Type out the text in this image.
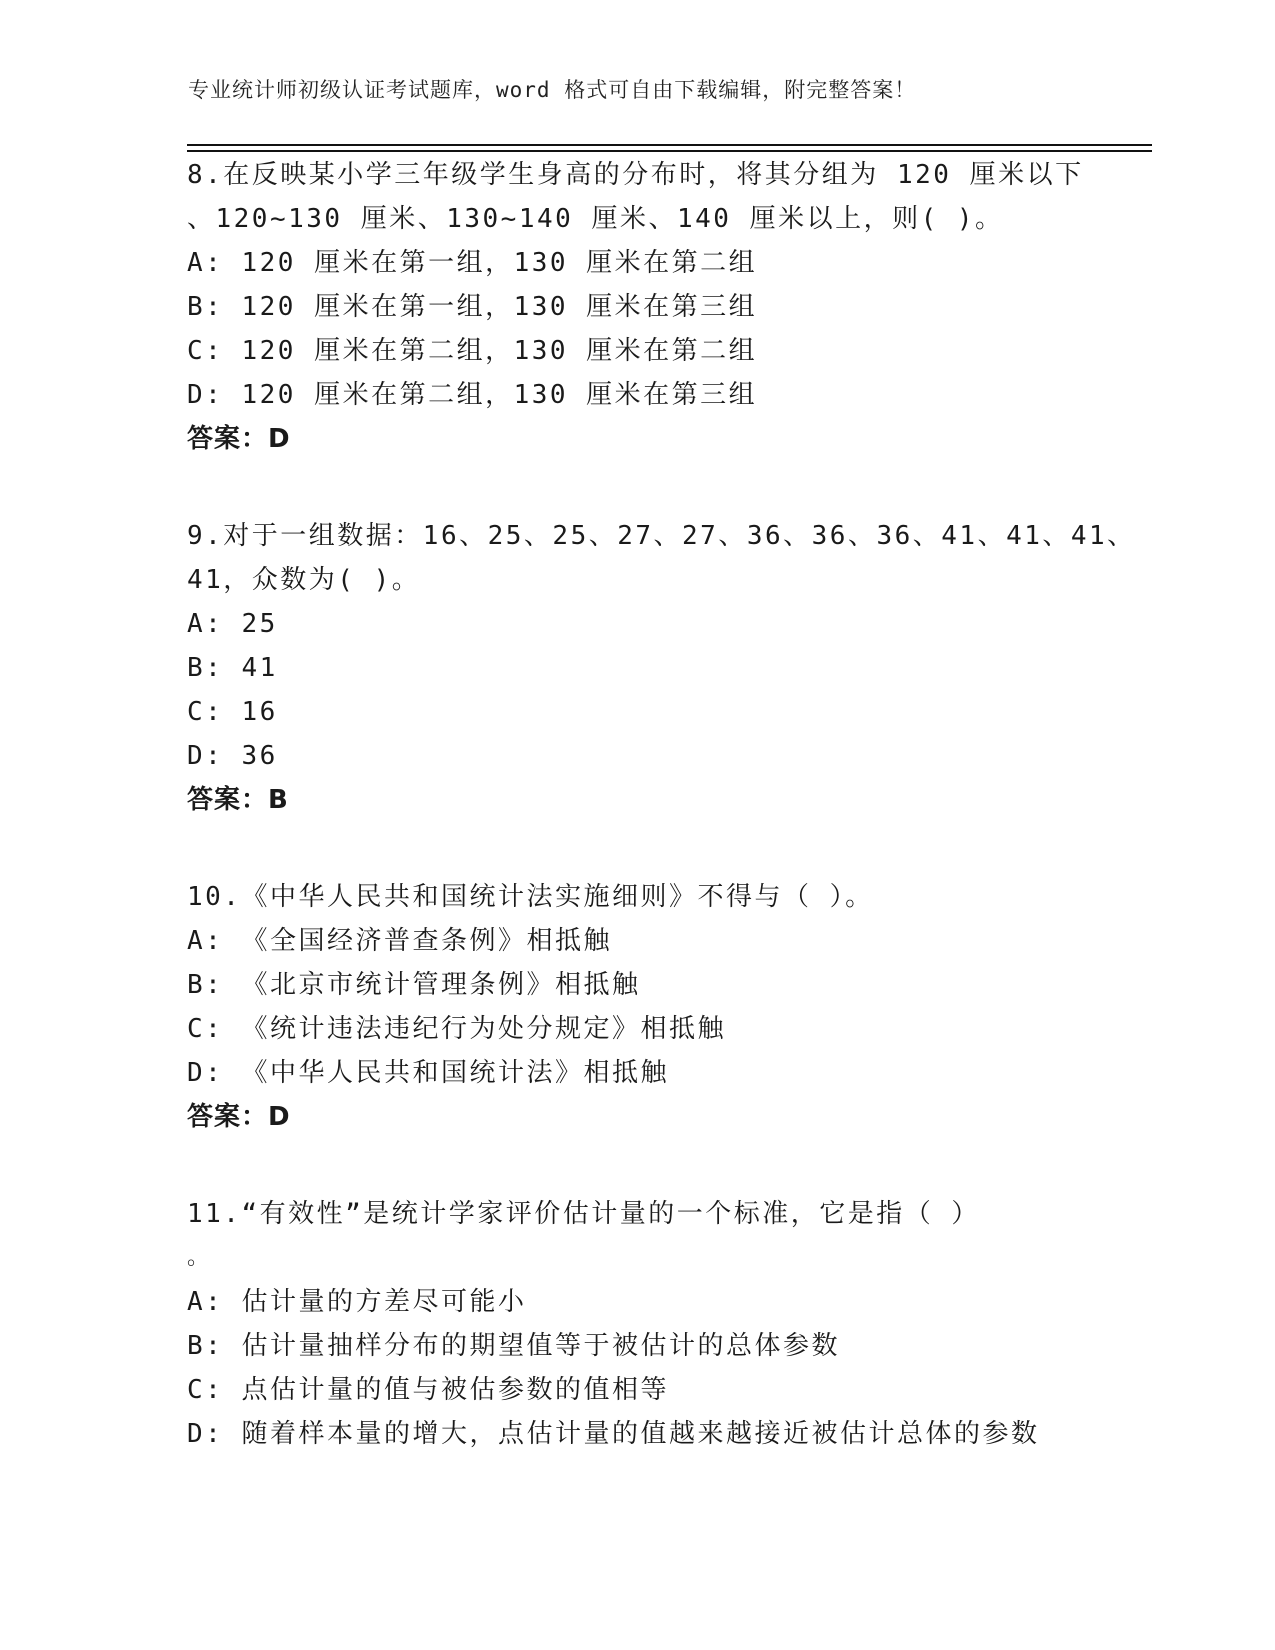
专业统计师初级认证考试题库，word 格式可自由下载编辑，附完整答案！
8.在反映某小学三年级学生身高的分布时，将其分组为 120 厘米以下
、120~130 厘米、130~140 厘米、140 厘米以上，则( )。
A: 120 厘米在第一组，130 厘米在第二组
B: 120 厘米在第一组，130 厘米在第三组
C: 120 厘米在第二组，130 厘米在第二组
D: 120 厘米在第二组，130 厘米在第三组
答案：D
9.对于一组数据：16、25、25、27、27、36、36、36、41、41、41、
41，众数为( )。
A: 25
B: 41
C: 16
D: 36
答案：B
10.《中华人民共和国统计法实施细则》不得与（ ）。
A: 《全国经济普查条例》相抵触
B: 《北京市统计管理条例》相抵触
C: 《统计违法违纪行为处分规定》相抵触
D: 《中华人民共和国统计法》相抵触
答案：D
11.“有效性”是统计学家评价估计量的一个标准，它是指（ ）
。
A: 估计量的方差尽可能小
B: 估计量抽样分布的期望值等于被估计的总体参数
C: 点估计量的值与被估参数的值相等
D: 随着样本量的增大，点估计量的值越来越接近被估计总体的参数
